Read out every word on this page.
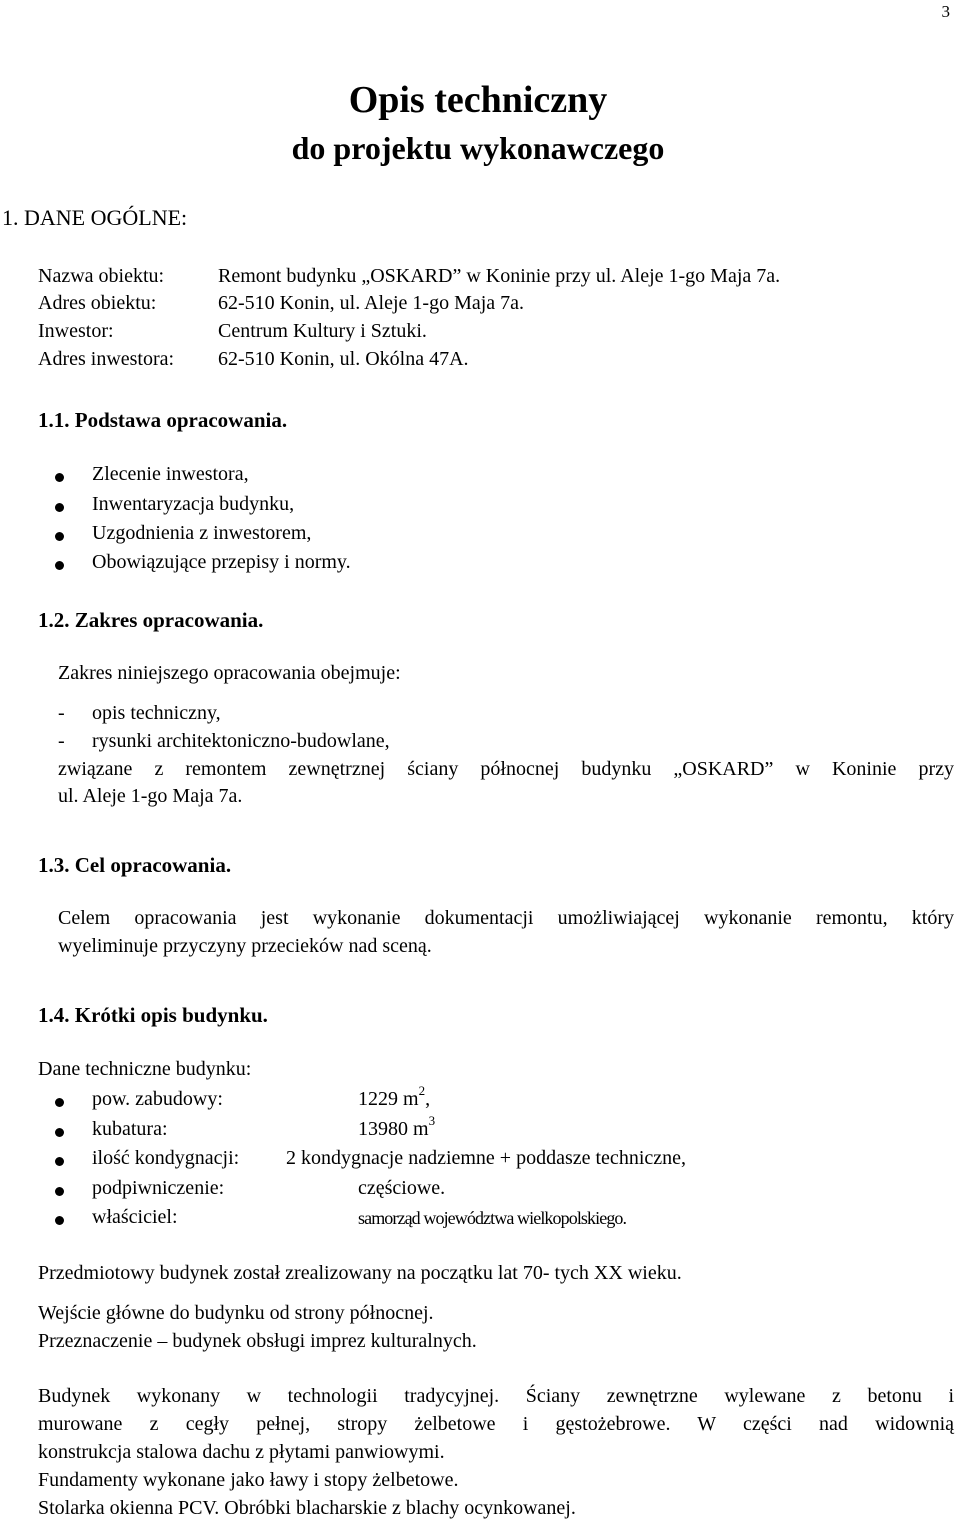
3
Opis techniczny
do projektu wykonawczego
1. DANE OGÓLNE:
Nazwa obiektu:	Remont budynku „OSKARD” w Koninie przy ul. Aleje 1-go Maja 7a.
Adres obiektu:	62-510 Konin, ul. Aleje 1-go Maja 7a.
Inwestor:	Centrum Kultury i Sztuki.
Adres inwestora: 62-510 Konin, ul. Okólna 47A.
1.1. Podstawa opracowania.
Zlecenie inwestora,
Inwentaryzacja budynku,
Uzgodnienia z inwestorem,
Obowiązujące przepisy i normy.
1.2. Zakres opracowania.
Zakres niniejszego opracowania obejmuje:
- opis techniczny,
- rysunki architektoniczno-budowlane,
związane z remontem zewnętrznej ściany północnej budynku „OSKARD” w Koninie przy
ul. Aleje 1-go Maja 7a.
1.3. Cel opracowania.
Celem opracowania jest wykonanie dokumentacji umożliwiającej wykonanie remontu, który
wyeliminuje przyczyny przecieków nad sceną.
1.4. Krótki opis budynku.
Dane techniczne budynku:
pow. zabudowy:	1229 $m^2$,
kubatura:	13980 $m^3$
ilość kondygnacji: 2 kondygnacje nadziemne + poddasze techniczne,
podpiwniczenie:	częściowe.
właściciel:	samorząd województwa wielkopolskiego.
Przedmiotowy budynek został zrealizowany na początku lat 70- tych XX wieku.
Wejście główne do budynku od strony północnej.
Przeznaczenie – budynek obsługi imprez kulturalnych.
Budynek wykonany w technologii tradycyjnej. Ściany zewnętrzne wylewane z betonu i
murowane z cegły pełnej, stropy żelbetowe i gęstożebrowe. W części nad widownią
konstrukcja stalowa dachu z płytami panwiowymi.
Fundamenty wykonane jako ławy i stopy żelbetowe.
Stolarka okienna PCV. Obróbki blacharskie z blachy ocynkowanej.
